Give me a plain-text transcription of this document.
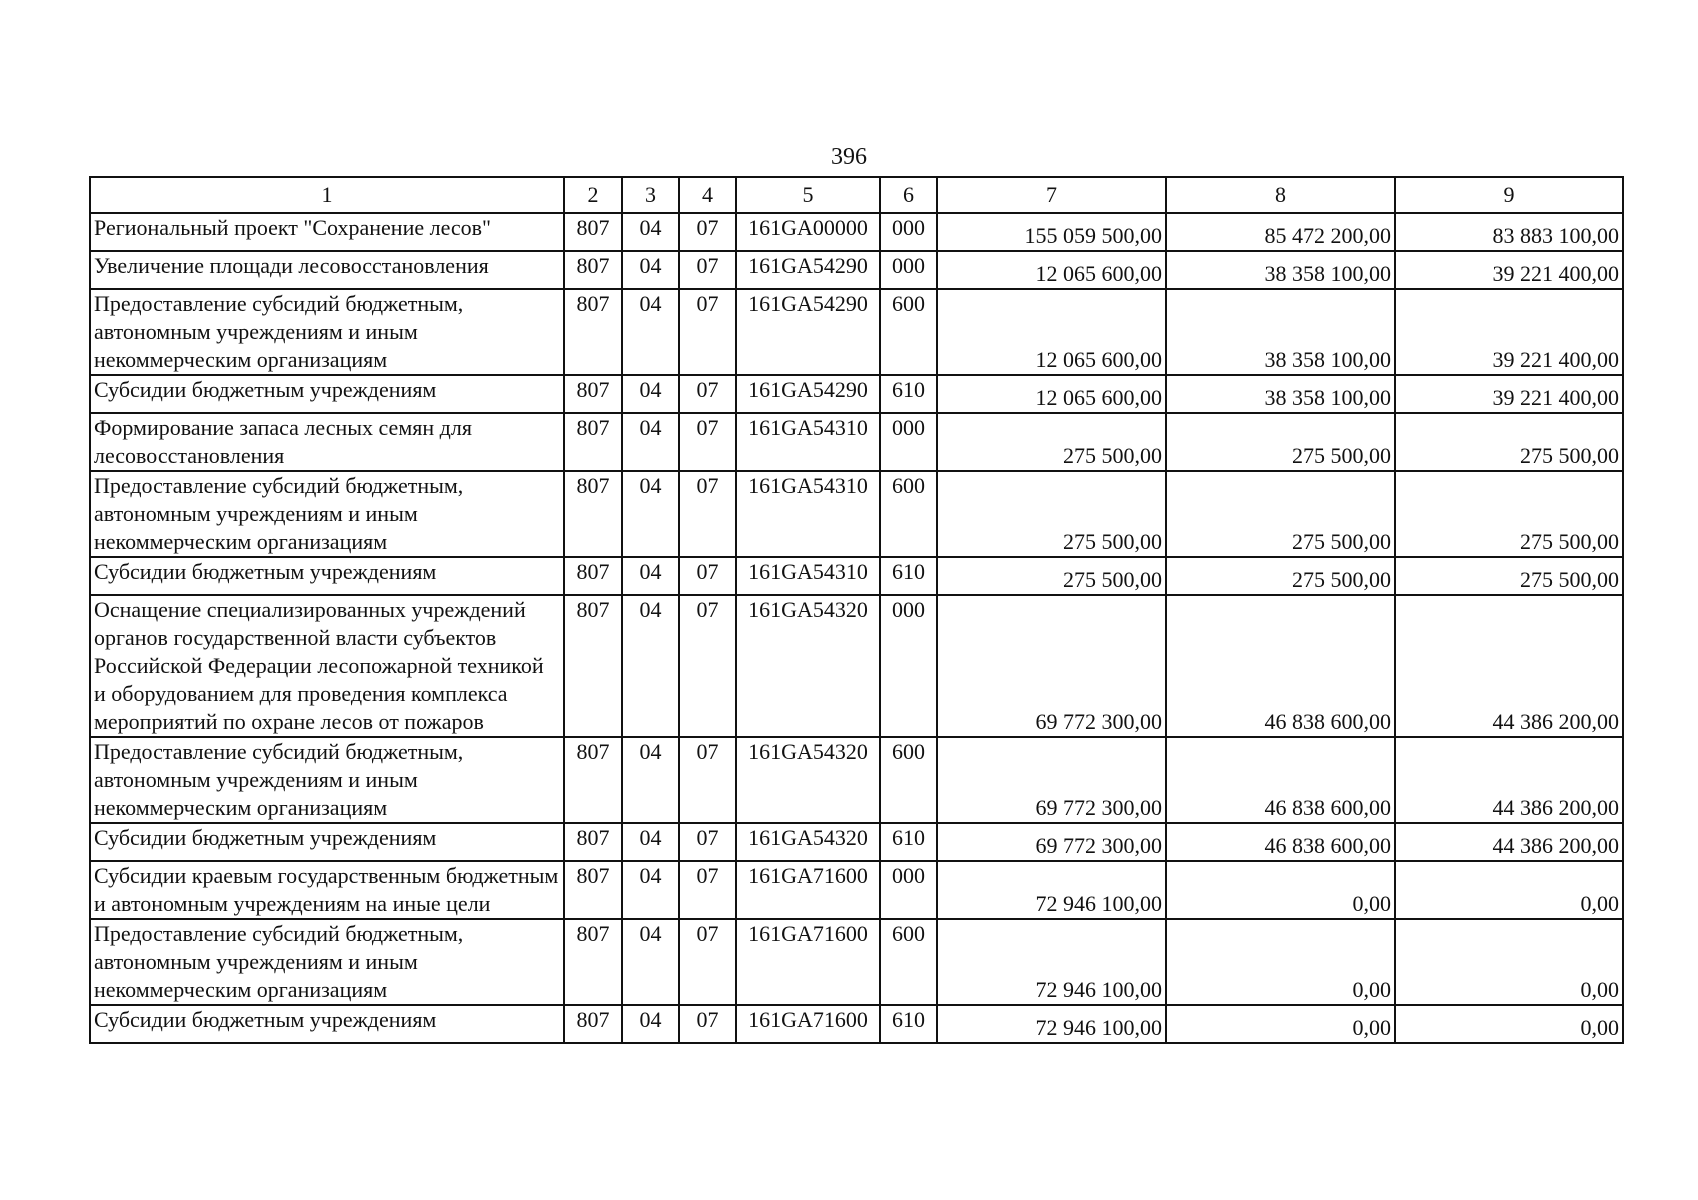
396
1	2	3	4	5	6	7	8	9
Региональный проект "Сохранение лесов"	807	04	07	161GA00000	000	155 059 500,00	85 472 200,00	83 883 100,00
Увеличение площади лесовосстановления	807	04	07	161GA54290	000	12 065 600,00	38 358 100,00	39 221 400,00
Предоставление субсидий бюджетным, автономным учреждениям и иным некоммерческим организациям	807	04	07	161GA54290	600	12 065 600,00	38 358 100,00	39 221 400,00
Субсидии бюджетным учреждениям	807	04	07	161GA54290	610	12 065 600,00	38 358 100,00	39 221 400,00
Формирование запаса лесных семян для лесовосстановления	807	04	07	161GA54310	000	275 500,00	275 500,00	275 500,00
Предоставление субсидий бюджетным, автономным учреждениям и иным некоммерческим организациям	807	04	07	161GA54310	600	275 500,00	275 500,00	275 500,00
Субсидии бюджетным учреждениям	807	04	07	161GA54310	610	275 500,00	275 500,00	275 500,00
Оснащение специализированных учреждений органов государственной власти субъектов Российской Федерации лесопожарной техникой и оборудованием для проведения комплекса мероприятий по охране лесов от пожаров	807	04	07	161GA54320	000	69 772 300,00	46 838 600,00	44 386 200,00
Предоставление субсидий бюджетным, автономным учреждениям и иным некоммерческим организациям	807	04	07	161GA54320	600	69 772 300,00	46 838 600,00	44 386 200,00
Субсидии бюджетным учреждениям	807	04	07	161GA54320	610	69 772 300,00	46 838 600,00	44 386 200,00
Субсидии краевым государственным бюджетным и автономным учреждениям на иные цели	807	04	07	161GA71600	000	72 946 100,00	0,00	0,00
Предоставление субсидий бюджетным, автономным учреждениям и иным некоммерческим организациям	807	04	07	161GA71600	600	72 946 100,00	0,00	0,00
Субсидии бюджетным учреждениям	807	04	07	161GA71600	610	72 946 100,00	0,00	0,00
